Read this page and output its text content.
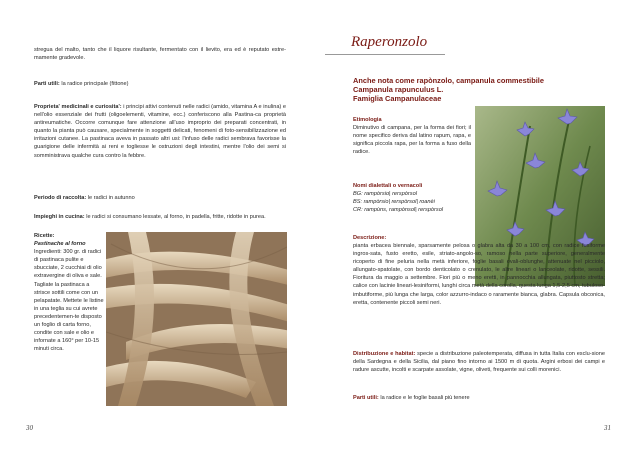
stregua del malto, tanto che il liquore risultante, fermentato con il lievito, era ed è reputato estre-mamente gradevole.

Parti utili: la radice principale (fittone)

Proprieta' medicinali e curiosita': i principi attivi contenuti nelle radici (amido, vitamina A e inulina) e nell'olio essenziale dei frutti (oligoelementi, vitamine, ecc.) conferiscono alla Pastina-ca proprietà antireumatiche. Occorre comunque fare attenzione all'uso improprio dei preparati concentrati, in quanto la pianta può causare, specialmente in soggetti delicati, fenomeni di foto-sensibilizzazione ed irritazioni cutanee. La pastinaca aveva in passato altri usi: l'infuso delle radici sembrava favorisse la guarigione delle infermità ai reni e togliesse le ostruzioni degli intestini, mentre l'olio dei semi si somministrava qualche cura contro la febbre.

Periodo di raccolta: le radici in autunno

Impieghi in cucina: le radici si consumano lessate, al forno, in padella, fritte, ridotte in purea.

Ricette:
Pastinache al forno
Ingredienti: 300 gr. di radici di pastinaca pulite e sbucciate, 2 cucchiai di olio extravergine di oliva e sale. Tagliate la pastinaca a strisce sottili come con un pelapatate. Mettete le listine in una teglia su cui avrete precedentemen-te disposto un foglio di carta forno, condite con sale e olio e infornate a 160° per 10-15 minuti circa.
30
Raperonzolo
Anche nota come rapònzolo, campanula commestibile
Campanula rapunculus L.
Famiglia Campanulaceae
Etimologia
Diminutivo di campana, per la forma dei fiori; il nome specifico deriva dal latino rapum, rapa, e significa piccola rapa, per la forma a fuso della radice.
Nomi dialettali o vernacoli
BG: rampòrsio| rerspòrsol
BS: rampòrsio| rerspòrsol| roanèi
CR: rampùns, rampònsol| rerspòrsol

Descrizione:

pianta erbacea biennale, sparsamente pelosa o glabra alta da 30 a 100 cm, con radice fusiforme ingros-sata, fusto eretto, esile, striato-angolo-so, ramoso nella parte superiore, generalmente ricoperto di fine peluria nella metà inferiore, foglie basali ovali-oblunghe, attenuate nel picciolo, allungato-spatolate, con bordo denticolato o crenulato, le altre lineari o lanceolate, ridotte, sessili. Fioritura da maggio a settembre. Fiori più o meno eretti, in pannocchia allungata, piuttosto stretta; calice con lacinie lineari-lesiniformi, lunghi circa metà della corolla, questa lunga 1,5-2,5 cm, tubuloso-imbutiforme, più lunga che larga, color azzurro-indaco o raramente bianca, glabra. Capsula obconica, eretta, contenente piccoli semi neri.

Distribuzione e habitat: specie a distribuzione paleotemperata, diffusa in tutta Italia con esclu-sione della Sardegna e della Sicilia, dal piano fino intorno ai 1500 m di quota. Argini erbosi dei campi e radure ascutte, incolti e scarpate assolate, vigne, oliveti, frequente sui colli morenici.

Parti utili: la radice e le foglie basali più tenere

31
